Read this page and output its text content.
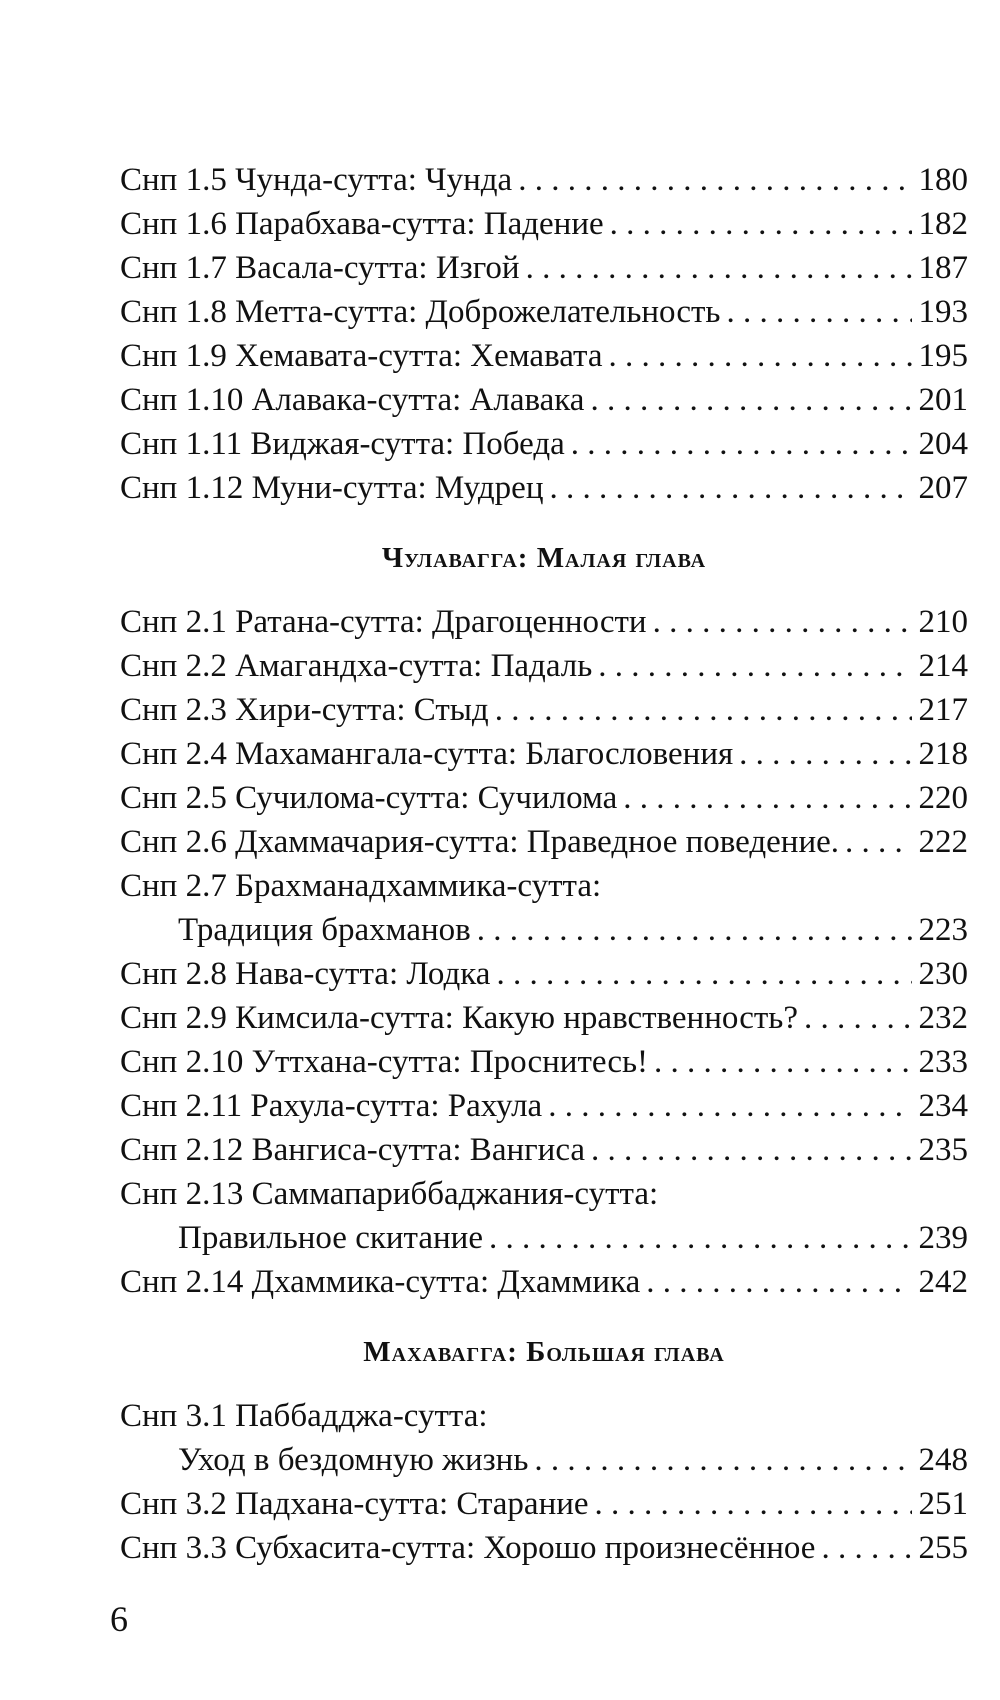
Снп 1.5 Чунда-сутта: Чунда . . .	180
Снп 1.6 Парабхава-сутта: Падение . . .	182
Снп 1.7 Васала-сутта: Изгой . . .	187
Снп 1.8 Метта-сутта: Доброжелательность . . .	193
Снп 1.9 Хемавата-сутта: Хемавата . . .	195
Снп 1.10 Алавака-сутта: Алавака . . .	201
Снп 1.11 Виджая-сутта: Победа . . .	204
Снп 1.12 Муни-сутта: Мудрец . . .	207
Чулавагга: Малая глава
Снп 2.1 Ратана-сутта: Драгоценности . . .	210
Снп 2.2 Амагандха-сутта: Падаль . . .	214
Снп 2.3 Хири-сутта: Стыд . . .	217
Снп 2.4 Махамангала-сутта: Благословения . . .	218
Снп 2.5 Сучилома-сутта: Сучилома . . .	220
Снп 2.6 Дхаммачария-сутта: Праведное поведение. . . . 222
Снп 2.7 Брахманадхаммика-сутта:
Традиция брахманов . . .	223
Снп 2.8 Нава-сутта: Лодка . . .	230
Снп 2.9 Кимсила-сутта: Какую нравственность? . . .	232
Снп 2.10 Уттхана-сутта: Проснитесь! . . .	233
Снп 2.11 Рахула-сутта: Рахула . . .	234
Снп 2.12 Вангиса-сутта: Вангиса . . .	235
Снп 2.13 Саммапариббаджания-сутта:
Правильное скитание . . .	239
Снп 2.14 Дхаммика-сутта: Дхаммика . . .	242
Махавагга: Большая глава
Снп 3.1 Паббадджа-сутта:
Уход в бездомную жизнь . . .	248
Снп 3.2 Падхана-сутта: Старание . . .	251
Снп 3.3 Субхасита-сутта: Хорошо произнесённое . . .	255
6
